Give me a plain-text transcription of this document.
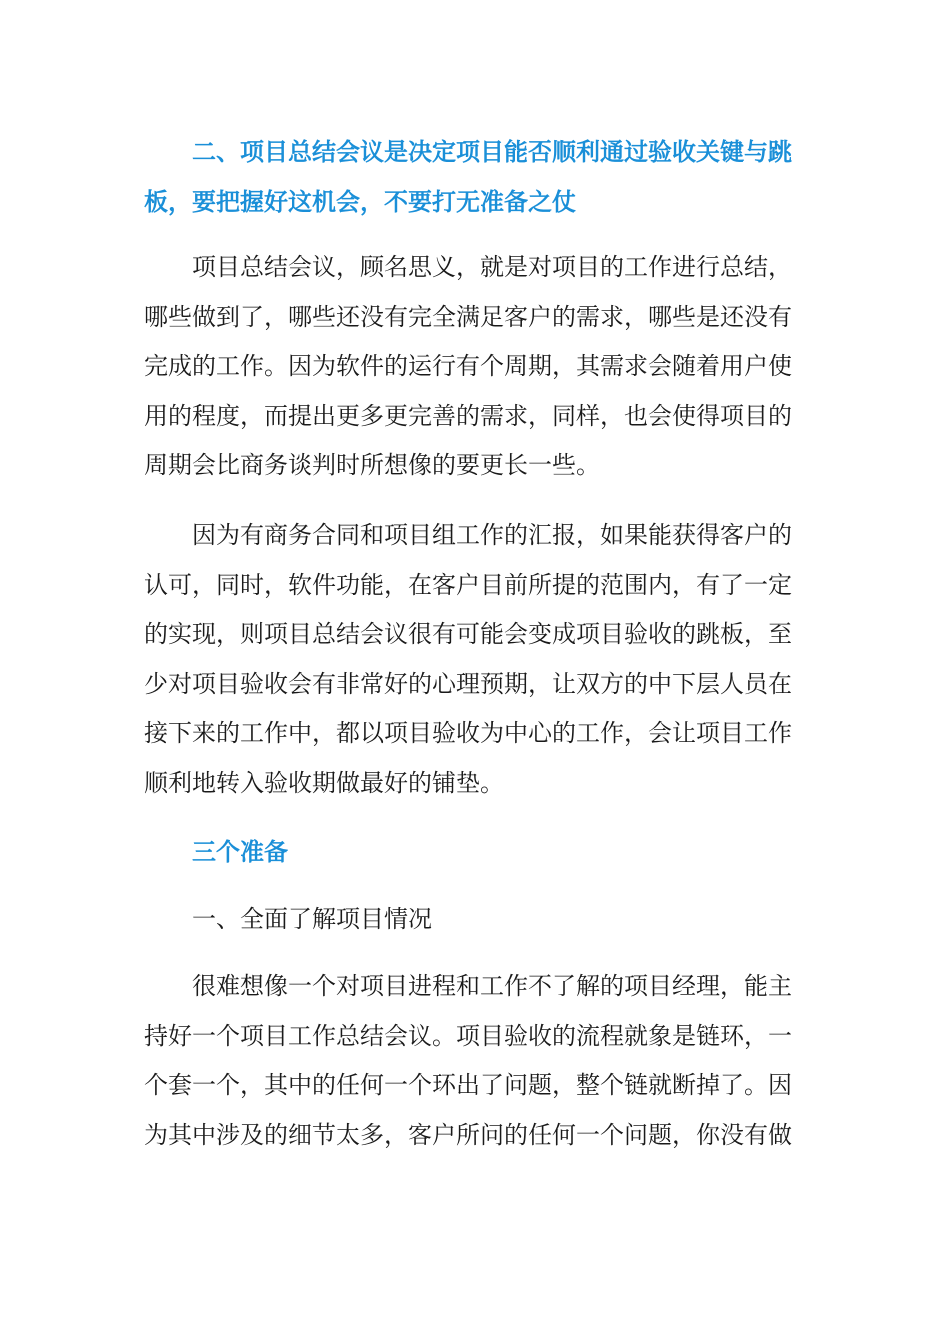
二、项目总结会议是决定项目能否顺利通过验收关键与跳板，要把握好这机会，不要打无准备之仗

项目总结会议，顾名思义，就是对项目的工作进行总结，哪些做到了，哪些还没有完全满足客户的需求，哪些是还没有完成的工作。因为软件的运行有个周期，其需求会随着用户使用的程度，而提出更多更完善的需求，同样，也会使得项目的周期会比商务谈判时所想像的要更长一些。

因为有商务合同和项目组工作的汇报，如果能获得客户的认可，同时，软件功能，在客户目前所提的范围内，有了一定的实现，则项目总结会议很有可能会变成项目验收的跳板，至少对项目验收会有非常好的心理预期，让双方的中下层人员在接下来的工作中，都以项目验收为中心的工作，会让项目工作顺利地转入验收期做最好的铺垫。

三个准备

一、全面了解项目情况

很难想像一个对项目进程和工作不了解的项目经理，能主持好一个项目工作总结会议。项目验收的流程就象是链环，一个套一个，其中的任何一个环出了问题，整个链就断掉了。因为其中涉及的细节太多，客户所问的任何一个问题，你没有做
